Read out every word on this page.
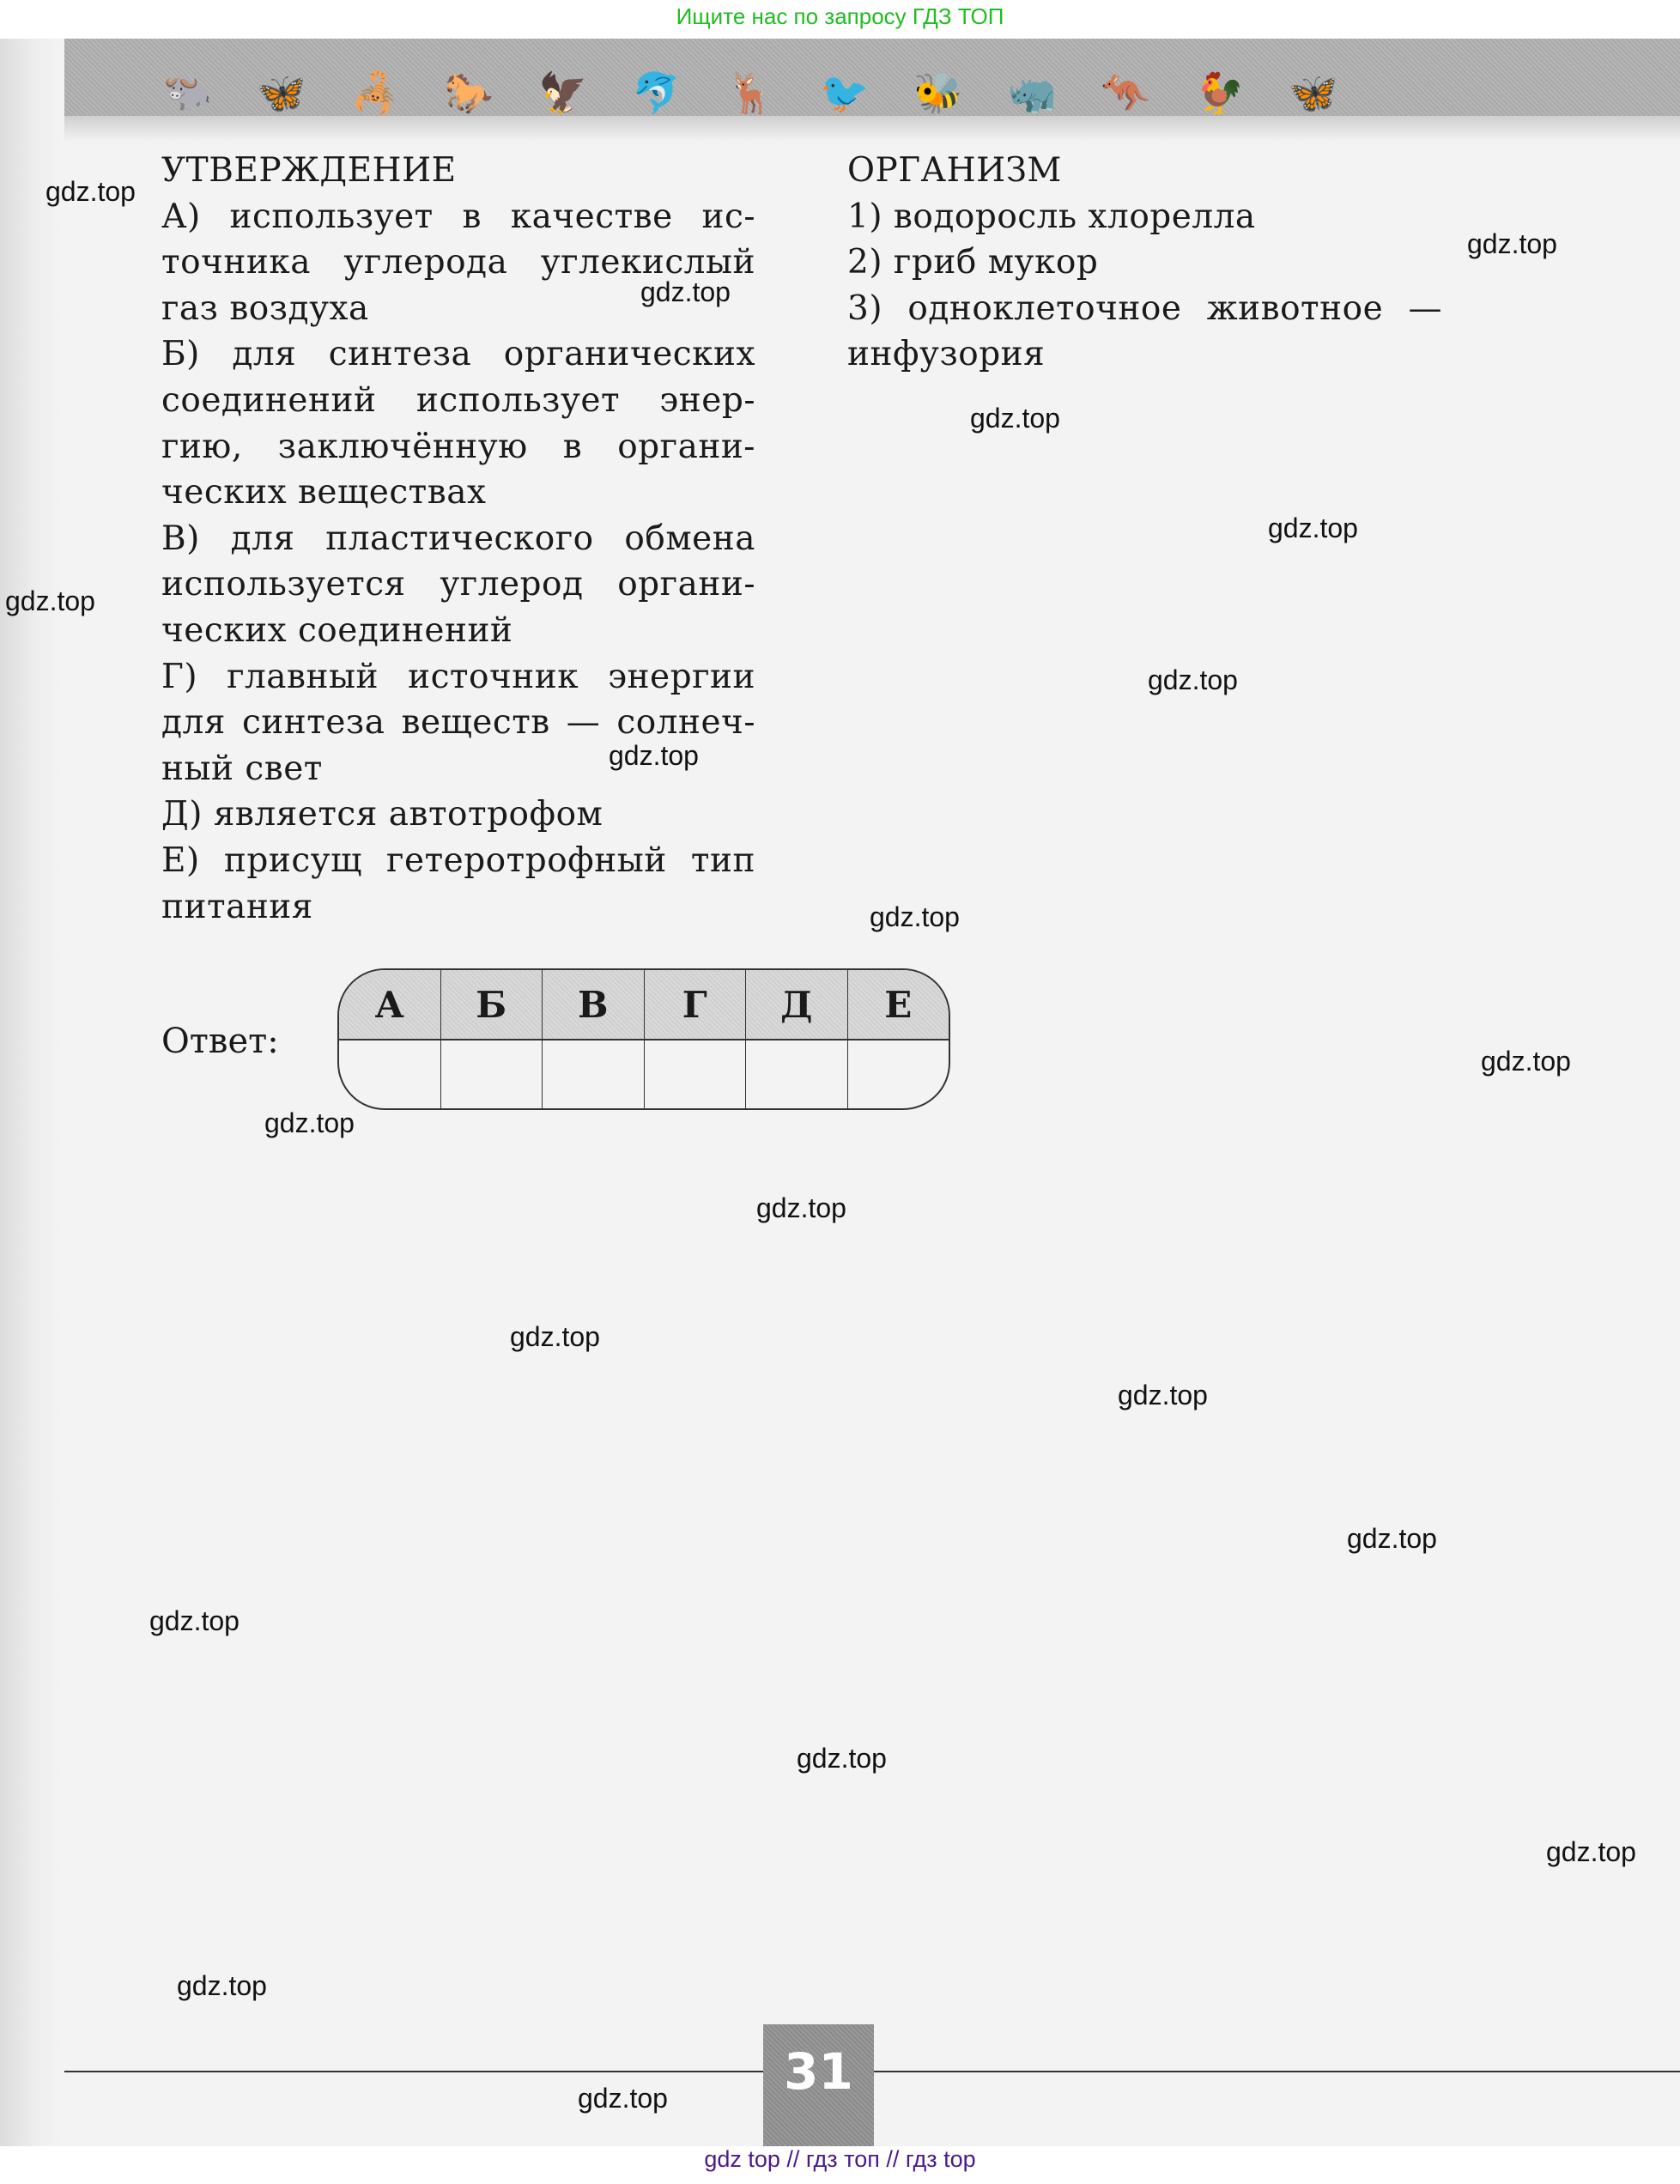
Ищите нас по запросу ГДЗ ТОП
🐃 🦋 🦂 🐎 🦅 🐬 🦌 🐦 🐝 🦏 🦘 🐓 🦋
УТВЕРЖДЕНИЕ
А) использует в качестве ис-
точника углерода углекислый
газ воздуха
Б) для синтеза органических
соединений использует энер-
гию, заключённую в органи-
ческих веществах
В) для пластического обмена
используется углерод органи-
ческих соединений
Г) главный источник энергии
для синтеза веществ — солнеч-
ный свет
Д) является автотрофом
Е) присущ гетеротрофный тип
питания
ОРГАНИЗМ
1) водоросль хлорелла
2) гриб мукор
3) одноклеточное животное —
инфузория
Ответ:
А	Б	В	Г	Д	Е
31
gdz.top
gdz.top
gdz.top
gdz.top
gdz.top
gdz.top
gdz.top
gdz.top
gdz.top
gdz.top
gdz.top
gdz.top
gdz.top
gdz.top
gdz.top
gdz.top
gdz.top
gdz.top
gdz.top
gdz.top
gdz top // гдз топ // гдз top
